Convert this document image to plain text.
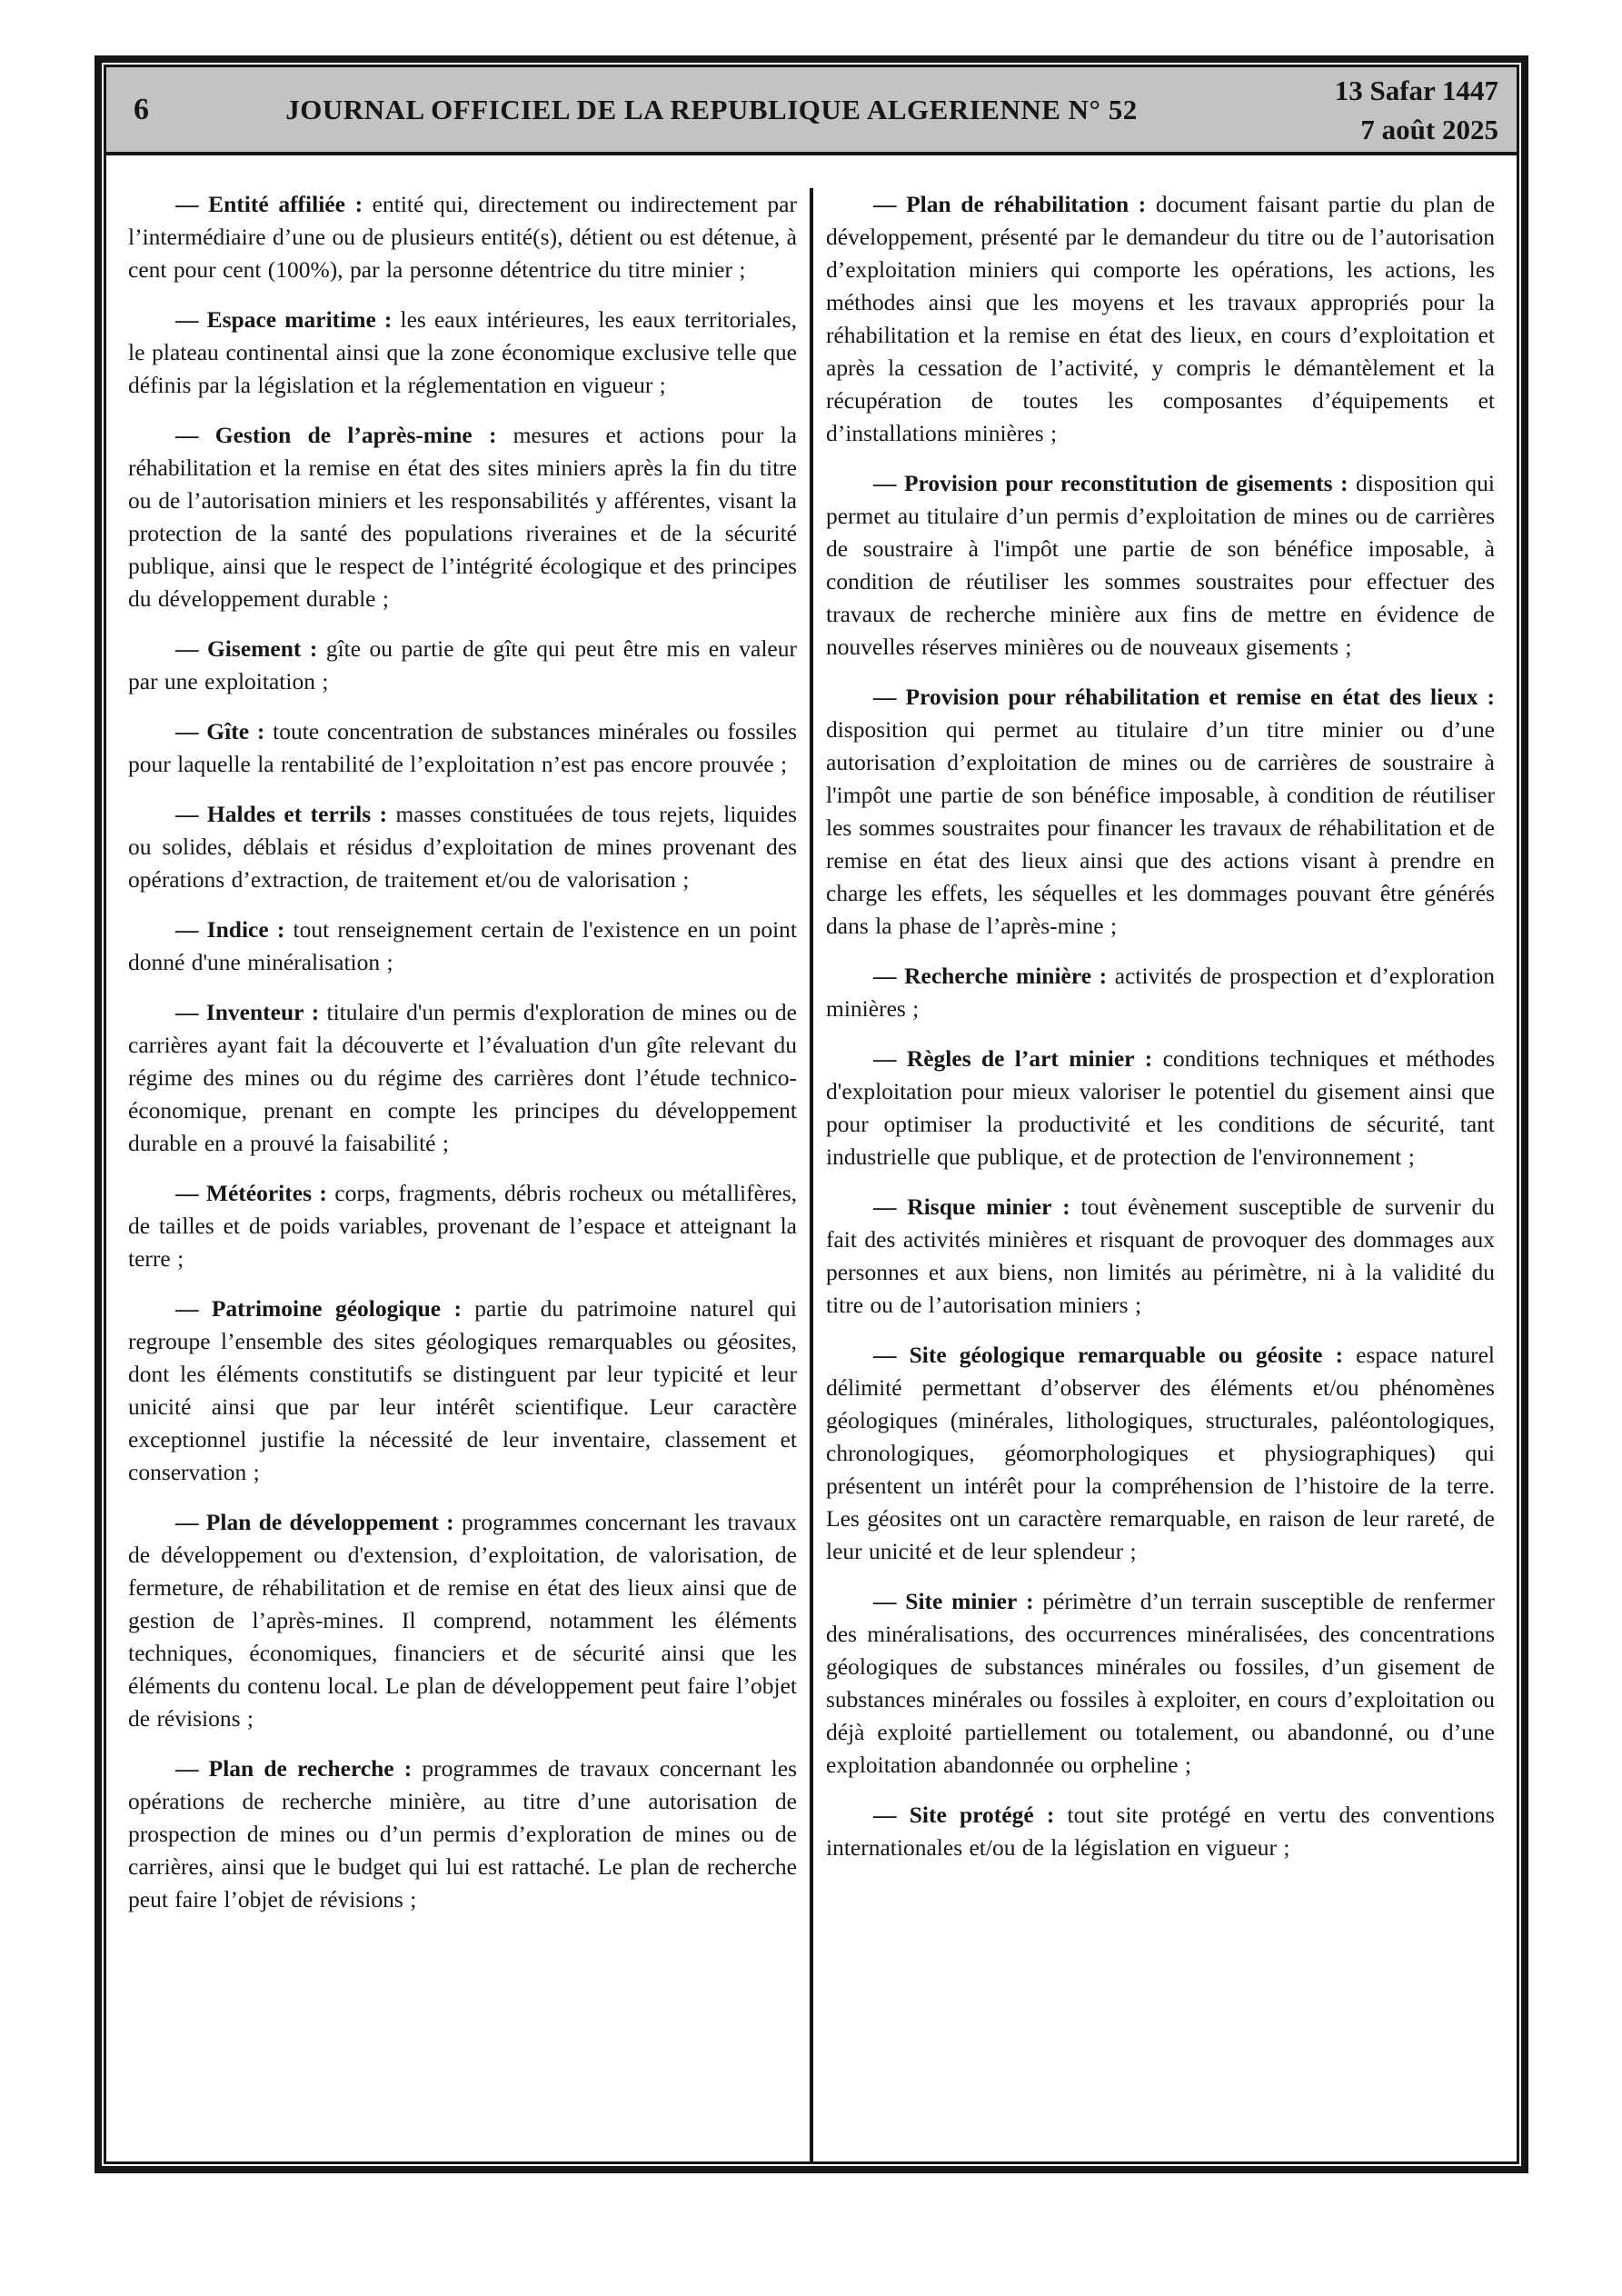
6	JOURNAL OFFICIEL DE LA REPUBLIQUE ALGERIENNE N° 52
13 Safar 1447
7 août 2025

— Entité affiliée : entité qui, directement ou indirectement par l’intermédiaire d’une ou de plusieurs entité(s), détient ou est détenue, à cent pour cent (100%), par la personne détentrice du titre minier ;

— Espace maritime : les eaux intérieures, les eaux territoriales, le plateau continental ainsi que la zone économique exclusive telle que définis par la législation et la réglementation en vigueur ;

— Gestion de l’après-mine : mesures et actions pour la réhabilitation et la remise en état des sites miniers après la fin du titre ou de l’autorisation miniers et les responsabilités y afférentes, visant la protection de la santé des populations riveraines et de la sécurité publique, ainsi que le respect de l’intégrité écologique et des principes du développement durable ;

— Gisement : gîte ou partie de gîte qui peut être mis en valeur par une exploitation ;

— Gîte : toute concentration de substances minérales ou fossiles pour laquelle la rentabilité de l’exploitation n’est pas encore prouvée ;

— Haldes et terrils : masses constituées de tous rejets, liquides ou solides, déblais et résidus d’exploitation de mines provenant des opérations d’extraction, de traitement et/ou de valorisation ;

— Indice : tout renseignement certain de l'existence en un point donné d'une minéralisation ;

— Inventeur : titulaire d'un permis d'exploration de mines ou de carrières ayant fait la découverte et l’évaluation d'un gîte relevant du régime des mines ou du régime des carrières dont l’étude technico-économique, prenant en compte les principes du développement durable en a prouvé la faisabilité ;

— Météorites : corps, fragments, débris rocheux ou métallifères, de tailles et de poids variables, provenant de l’espace et atteignant la terre ;

— Patrimoine géologique : partie du patrimoine naturel qui regroupe l’ensemble des sites géologiques remarquables ou géosites, dont les éléments constitutifs se distinguent par leur typicité et leur unicité ainsi que par leur intérêt scientifique. Leur caractère exceptionnel justifie la nécessité de leur inventaire, classement et conservation ;

— Plan de développement : programmes concernant les travaux de développement ou d'extension, d’exploitation, de valorisation, de fermeture, de réhabilitation et de remise en état des lieux ainsi que de gestion de l’après-mines. Il comprend, notamment les éléments techniques, économiques, financiers et de sécurité ainsi que les éléments du contenu local. Le plan de développement peut faire l’objet de révisions ;

— Plan de recherche : programmes de travaux concernant les opérations de recherche minière, au titre d’une autorisation de prospection de mines ou d’un permis d’exploration de mines ou de carrières, ainsi que le budget qui lui est rattaché. Le plan de recherche peut faire l’objet de révisions ;

— Plan de réhabilitation : document faisant partie du plan de développement, présenté par le demandeur du titre ou de l’autorisation d’exploitation miniers qui comporte les opérations, les actions, les méthodes ainsi que les moyens et les travaux appropriés pour la réhabilitation et la remise en état des lieux, en cours d’exploitation et après la cessation de l’activité, y compris le démantèlement et la récupération de toutes les composantes d’équipements et d’installations minières ;

— Provision pour reconstitution de gisements : disposition qui permet au titulaire d’un permis d’exploitation de mines ou de carrières de soustraire à l'impôt une partie de son bénéfice imposable, à condition de réutiliser les sommes soustraites pour effectuer des travaux de recherche minière aux fins de mettre en évidence de nouvelles réserves minières ou de nouveaux gisements ;

— Provision pour réhabilitation et remise en état des lieux : disposition qui permet au titulaire d’un titre minier ou d’une autorisation d’exploitation de mines ou de carrières de soustraire à l'impôt une partie de son bénéfice imposable, à condition de réutiliser les sommes soustraites pour financer les travaux de réhabilitation et de remise en état des lieux ainsi que des actions visant à prendre en charge les effets, les séquelles et les dommages pouvant être générés dans la phase de l’après-mine ;

— Recherche minière : activités de prospection et d’exploration minières ;

— Règles de l’art minier : conditions techniques et méthodes d'exploitation pour mieux valoriser le potentiel du gisement ainsi que pour optimiser la productivité et les conditions de sécurité, tant industrielle que publique, et de protection de l'environnement ;

— Risque minier : tout évènement susceptible de survenir du fait des activités minières et risquant de provoquer des dommages aux personnes et aux biens, non limités au périmètre, ni à la validité du titre ou de l’autorisation miniers ;

— Site géologique remarquable ou géosite : espace naturel délimité permettant d’observer des éléments et/ou phénomènes géologiques (minérales, lithologiques, structurales, paléontologiques, chronologiques, géomorphologiques et physiographiques) qui présentent un intérêt pour la compréhension de l’histoire de la terre. Les géosites ont un caractère remarquable, en raison de leur rareté, de leur unicité et de leur splendeur ;

— Site minier : périmètre d’un terrain susceptible de renfermer des minéralisations, des occurrences minéralisées, des concentrations géologiques de substances minérales ou fossiles, d’un gisement de substances minérales ou fossiles à exploiter, en cours d’exploitation ou déjà exploité partiellement ou totalement, ou abandonné, ou d’une exploitation abandonnée ou orpheline ;

— Site protégé : tout site protégé en vertu des conventions internationales et/ou de la législation en vigueur ;
